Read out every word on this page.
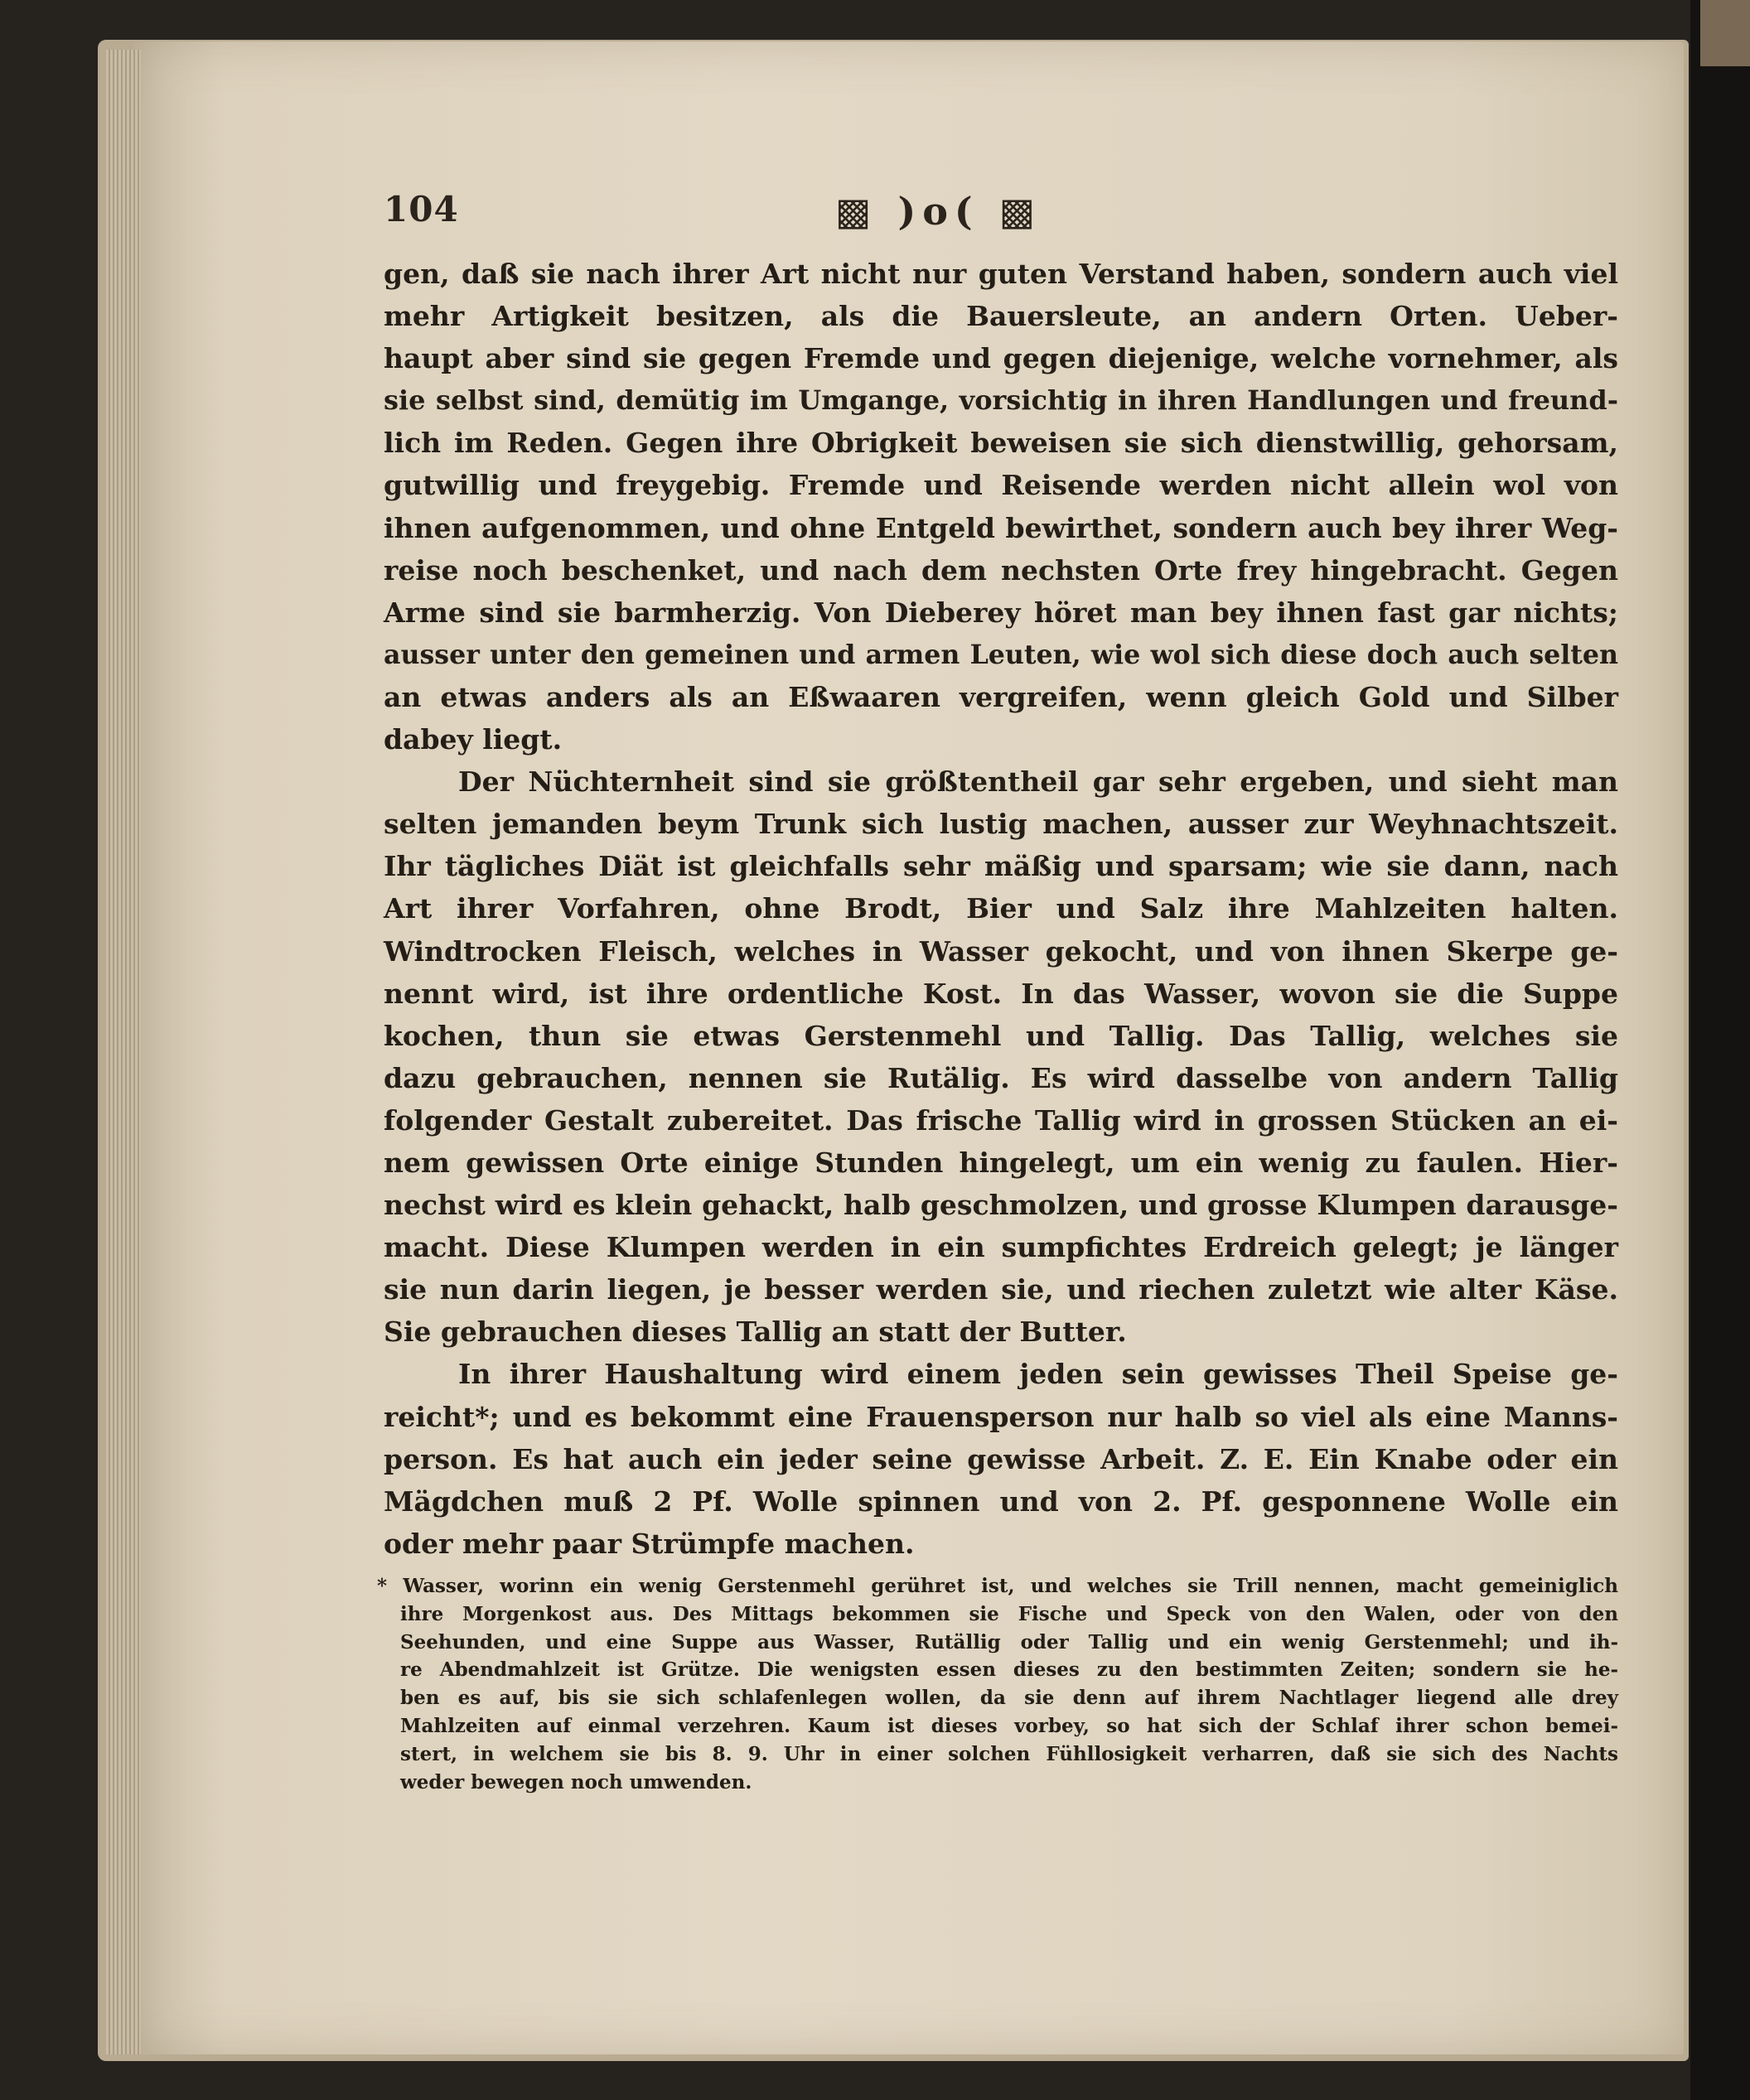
104	▩ )o( ▩
gen, daß sie nach ihrer Art nicht nur guten Verstand haben, sondern auch viel
mehr Artigkeit besitzen, als die Bauersleute, an andern Orten. Ueber-
haupt aber sind sie gegen Fremde und gegen diejenige, welche vornehmer, als
sie selbst sind, demütig im Umgange, vorsichtig in ihren Handlungen und freund-
lich im Reden. Gegen ihre Obrigkeit beweisen sie sich dienstwillig, gehorsam,
gutwillig und freygebig. Fremde und Reisende werden nicht allein wol von
ihnen aufgenommen, und ohne Entgeld bewirthet, sondern auch bey ihrer Weg-
reise noch beschenket, und nach dem nechsten Orte frey hingebracht. Gegen
Arme sind sie barmherzig. Von Dieberey höret man bey ihnen fast gar nichts;
ausser unter den gemeinen und armen Leuten, wie wol sich diese doch auch selten
an etwas anders als an Eßwaaren vergreifen, wenn gleich Gold und Silber
dabey liegt.
Der Nüchternheit sind sie größtentheil gar sehr ergeben, und sieht man
selten jemanden beym Trunk sich lustig machen, ausser zur Weyhnachtszeit.
Ihr tägliches Diät ist gleichfalls sehr mäßig und sparsam; wie sie dann, nach
Art ihrer Vorfahren, ohne Brodt, Bier und Salz ihre Mahlzeiten halten.
Windtrocken Fleisch, welches in Wasser gekocht, und von ihnen Skerpe ge-
nennt wird, ist ihre ordentliche Kost. In das Wasser, wovon sie die Suppe
kochen, thun sie etwas Gerstenmehl und Tallig. Das Tallig, welches sie
dazu gebrauchen, nennen sie Rutälig. Es wird dasselbe von andern Tallig
folgender Gestalt zubereitet. Das frische Tallig wird in grossen Stücken an ei-
nem gewissen Orte einige Stunden hingelegt, um ein wenig zu faulen. Hier-
nechst wird es klein gehackt, halb geschmolzen, und grosse Klumpen darausge-
macht. Diese Klumpen werden in ein sumpfichtes Erdreich gelegt; je länger
sie nun darin liegen, je besser werden sie, und riechen zuletzt wie alter Käse.
Sie gebrauchen dieses Tallig an statt der Butter.
In ihrer Haushaltung wird einem jeden sein gewisses Theil Speise ge-
reicht*; und es bekommt eine Frauensperson nur halb so viel als eine Manns-
person. Es hat auch ein jeder seine gewisse Arbeit. Z. E. Ein Knabe oder ein
Mägdchen muß 2 Pf. Wolle spinnen und von 2. Pf. gesponnene Wolle ein
oder mehr paar Strümpfe machen.
* Wasser, worinn ein wenig Gerstenmehl gerühret ist, und welches sie Trill nennen, macht gemeiniglich
ihre Morgenkost aus. Des Mittags bekommen sie Fische und Speck von den Walen, oder von den
Seehunden, und eine Suppe aus Wasser, Rutällig oder Tallig und ein wenig Gerstenmehl; und ih-
re Abendmahlzeit ist Grütze. Die wenigsten essen dieses zu den bestimmten Zeiten; sondern sie he-
ben es auf, bis sie sich schlafenlegen wollen, da sie denn auf ihrem Nachtlager liegend alle drey
Mahlzeiten auf einmal verzehren. Kaum ist dieses vorbey, so hat sich der Schlaf ihrer schon bemei-
stert, in welchem sie bis 8. 9. Uhr in einer solchen Fühllosigkeit verharren, daß sie sich des Nachts
weder bewegen noch umwenden.
